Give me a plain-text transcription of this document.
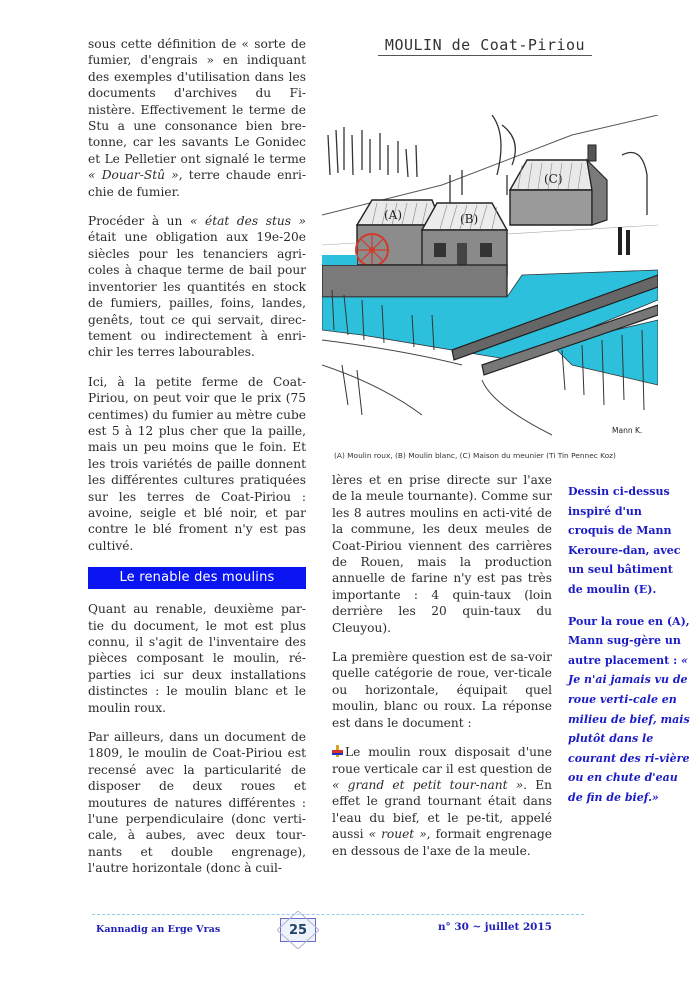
sous cette définition de « sorte de fumier, d'engrais » en indiquant des exemples d'utilisation dans les documents d'archives du Fi-nistère. Effectivement le terme de Stu a une consonance bien bre-tonne, car les savants Le Gonidec et Le Pelletier ont signalé le terme « Douar-Stû », terre chaude enri-chie de fumier.

Procéder à un « état des stus » était une obligation aux 19e-20e siècles pour les tenanciers agri-coles à chaque terme de bail pour inventorier les quantités en stock de fumiers, pailles, foins, landes, genêts, tout ce qui servait, direc-tement ou indirectement à enri-chir les terres labourables.

Ici, à la petite ferme de Coat-Piriou, on peut voir que le prix (75 centimes) du fumier au mètre cube est 5 à 12 plus cher que la paille, mais un peu moins que le foin. Et les trois variétés de paille donnent les différentes cultures pratiquées sur les terres de Coat-Piriou : avoine, seigle et blé noir, et par contre le blé froment n'y est pas cultivé.

Le renable des moulins

Quant au renable, deuxième par-tie du document, le mot est plus connu, il s'agit de l'inventaire des pièces composant le moulin, ré-parties ici sur deux installations distinctes : le moulin blanc et le moulin roux.

Par ailleurs, dans un document de 1809, le moulin de Coat-Piriou est recensé avec la particularité de disposer de deux roues et moutures de natures différentes : l'une perpendiculaire (donc verti-cale, à aubes, avec deux tour-nants et double engrenage), l'autre horizontale (donc à cuil-

MOULIN de Coat-Piriou
(C)
(A)	(B)
Mann K.
(A) Moulin roux, (B) Moulin blanc, (C) Maison du meunier (Ti Tin Pennec Koz)

lères et en prise directe sur l'axe de la meule tournante). Comme sur les 8 autres moulins en acti-vité de la commune, les deux meules de Coat-Piriou viennent des carrières de Rouen, mais la production annuelle de farine n'y est pas très importante : 4 quin-taux (loin derrière les 20 quin-taux du Cleuyou).

La première question est de sa-voir quelle catégorie de roue, ver-ticale ou horizontale, équipait quel moulin, blanc ou roux. La réponse est dans le document :

Le moulin roux disposait d'une roue verticale car il est question de « grand et petit tour-nant ». En effet le grand tournant était dans l'eau du bief, et le pe-tit, appelé aussi « rouet », formait engrenage en dessous de l'axe de la meule.

Dessin ci-dessus inspiré d'un croquis de Mann Keroure-dan, avec un seul bâtiment de moulin (E).

Pour la roue en (A), Mann sug-gère un autre placement : « Je n'ai jamais vu de roue verti-cale en milieu de bief, mais plutôt dans le courant des ri-vière ou en chute d'eau de fin de bief.»

Kannadig an Erge Vras	25	n° 30 ~ juillet 2015
